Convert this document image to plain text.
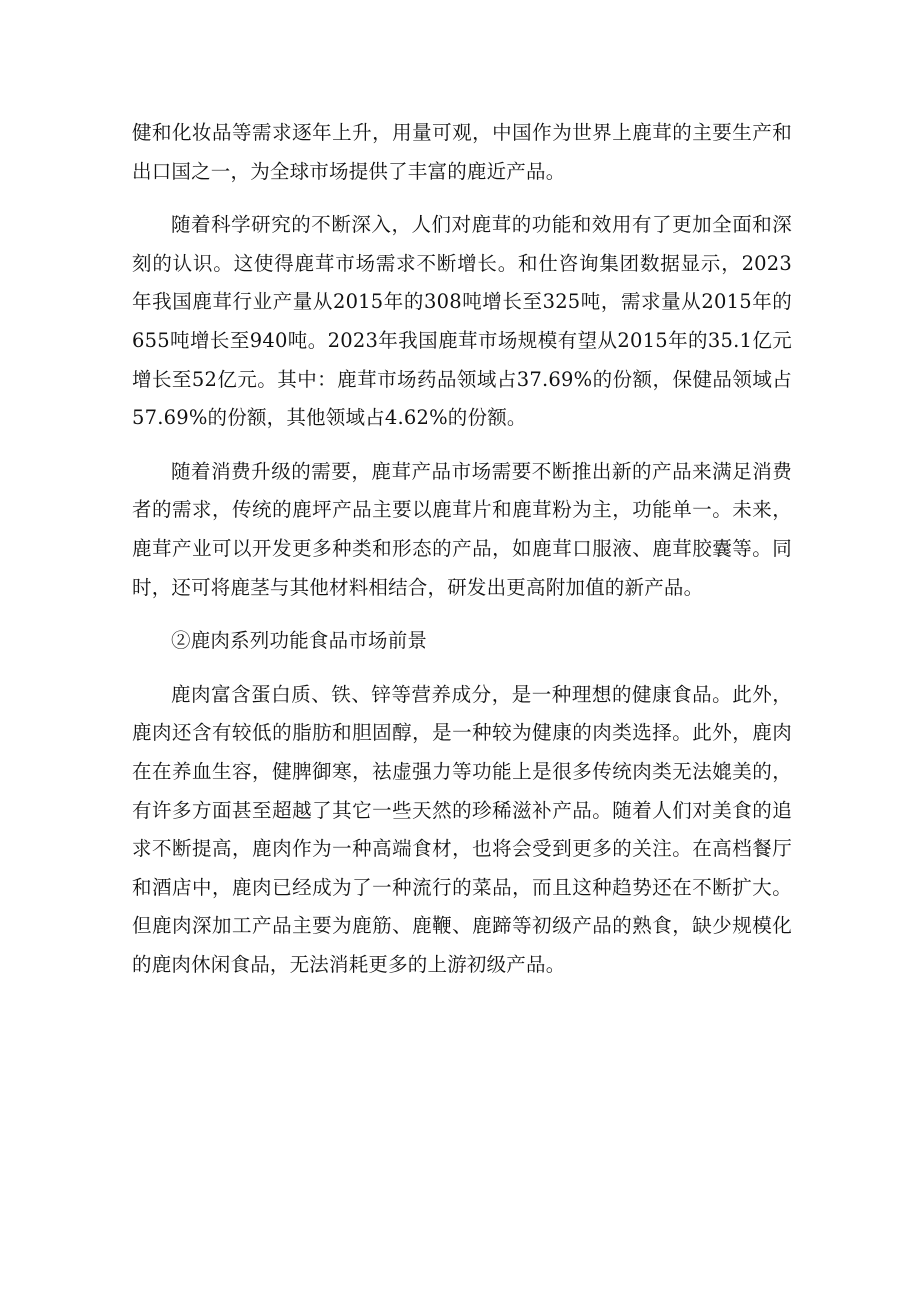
健和化妆品等需求逐年上升，用量可观，中国作为世界上鹿茸的主要生产和出口国之一，为全球市场提供了丰富的鹿近产品。

随着科学研究的不断深入，人们对鹿茸的功能和效用有了更加全面和深刻的认识。这使得鹿茸市场需求不断增长。和仕咨询集团数据显示，2023年我国鹿茸行业产量从2015年的308吨增长至325吨，需求量从2015年的655吨增长至940吨。2023年我国鹿茸市场规模有望从2015年的35.1亿元增长至52亿元。其中：鹿茸市场药品领域占37.69%的份额，保健品领域占57.69%的份额，其他领域占4.62%的份额。

随着消费升级的需要，鹿茸产品市场需要不断推出新的产品来满足消费者的需求，传统的鹿坪产品主要以鹿茸片和鹿茸粉为主，功能单一。未来，鹿茸产业可以开发更多种类和形态的产品，如鹿茸口服液、鹿茸胶囊等。同时，还可将鹿茎与其他材料相结合，研发出更高附加值的新产品。

②鹿肉系列功能食品市场前景

鹿肉富含蛋白质、铁、锌等营养成分，是一种理想的健康食品。此外，鹿肉还含有较低的脂肪和胆固醇，是一种较为健康的肉类选择。此外，鹿肉在在养血生容，健脾御寒，祛虚强力等功能上是很多传统肉类无法媲美的，有许多方面甚至超越了其它一些天然的珍稀滋补产品。随着人们对美食的追求不断提高，鹿肉作为一种高端食材，也将会受到更多的关注。在高档餐厅和酒店中，鹿肉已经成为了一种流行的菜品，而且这种趋势还在不断扩大。但鹿肉深加工产品主要为鹿筋、鹿鞭、鹿蹄等初级产品的熟食，缺少规模化的鹿肉休闲食品，无法消耗更多的上游初级产品。
